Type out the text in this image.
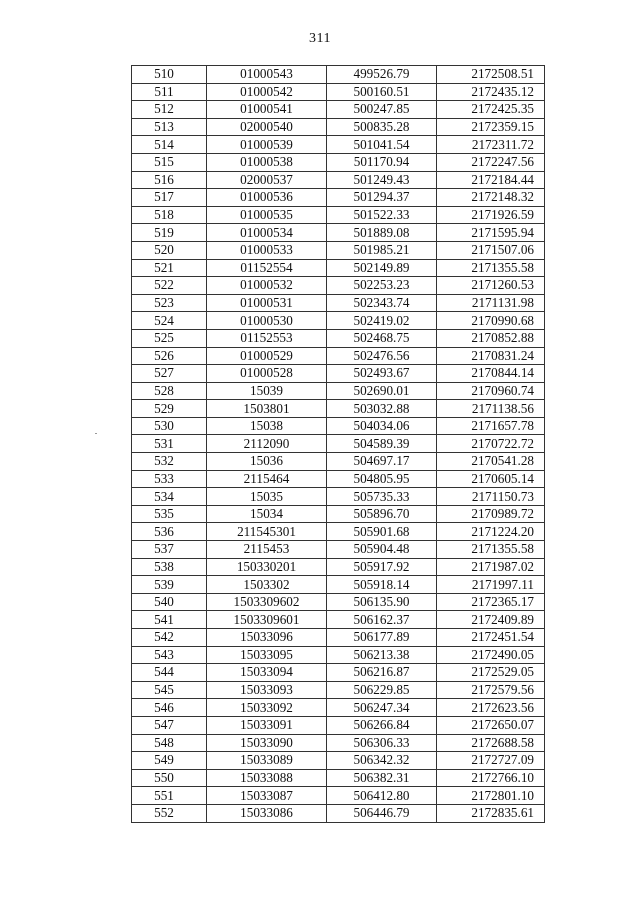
311
510	01000543	499526.79	2172508.51
511	01000542	500160.51	2172435.12
512	01000541	500247.85	2172425.35
513	02000540	500835.28	2172359.15
514	01000539	501041.54	2172311.72
515	01000538	501170.94	2172247.56
516	02000537	501249.43	2172184.44
517	01000536	501294.37	2172148.32
518	01000535	501522.33	2171926.59
519	01000534	501889.08	2171595.94
520	01000533	501985.21	2171507.06
521	01152554	502149.89	2171355.58
522	01000532	502253.23	2171260.53
523	01000531	502343.74	2171131.98
524	01000530	502419.02	2170990.68
525	01152553	502468.75	2170852.88
526	01000529	502476.56	2170831.24
527	01000528	502493.67	2170844.14
528	15039	502690.01	2170960.74
529	1503801	503032.88	2171138.56
530	15038	504034.06	2171657.78
531	2112090	504589.39	2170722.72
532	15036	504697.17	2170541.28
533	2115464	504805.95	2170605.14
534	15035	505735.33	2171150.73
535	15034	505896.70	2170989.72
536	211545301	505901.68	2171224.20
537	2115453	505904.48	2171355.58
538	150330201	505917.92	2171987.02
539	1503302	505918.14	2171997.11
540	1503309602	506135.90	2172365.17
541	1503309601	506162.37	2172409.89
542	15033096	506177.89	2172451.54
543	15033095	506213.38	2172490.05
544	15033094	506216.87	2172529.05
545	15033093	506229.85	2172579.56
546	15033092	506247.34	2172623.56
547	15033091	506266.84	2172650.07
548	15033090	506306.33	2172688.58
549	15033089	506342.32	2172727.09
550	15033088	506382.31	2172766.10
551	15033087	506412.80	2172801.10
552	15033086	506446.79	2172835.61
